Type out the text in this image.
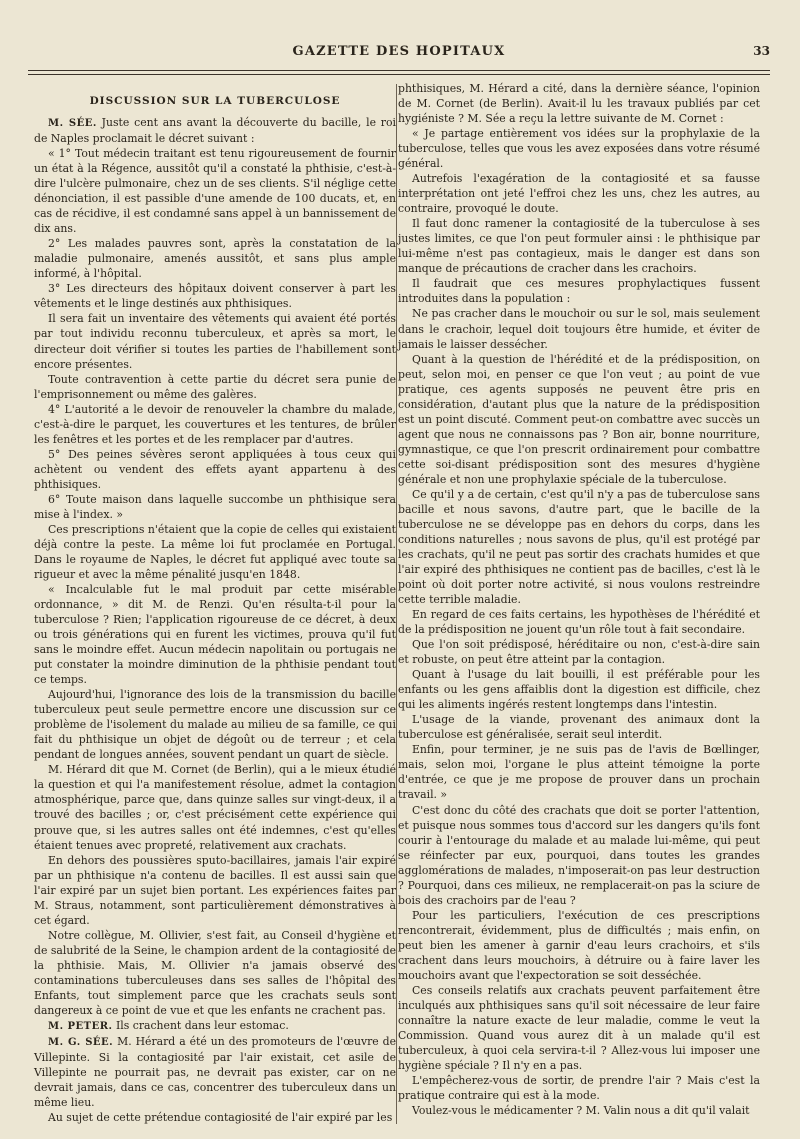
GAZETTE DES HOPITAUX	33
DISCUSSION SUR LA TUBERCULOSE

M. SÉE. Juste cent ans avant la découverte du bacille, le roi de Naples proclamait le décret suivant :

« 1° Tout médecin traitant est tenu rigoureusement de fournir un état à la Régence, aussitôt qu'il a constaté la phthisie, c'est-à-dire l'ulcère pulmonaire, chez un de ses clients. S'il néglige cette dénonciation, il est passible d'une amende de 100 ducats, et, en cas de récidive, il est condamné sans appel à un bannissement de dix ans.

2° Les malades pauvres sont, après la constatation de la maladie pulmonaire, amenés aussitôt, et sans plus ample informé, à l'hôpital.

3° Les directeurs des hôpitaux doivent conserver à part les vêtements et le linge destinés aux phthisiques.

Il sera fait un inventaire des vêtements qui avaient été portés par tout individu reconnu tuberculeux, et après sa mort, le directeur doit vérifier si toutes les parties de l'habillement sont encore présentes.

Toute contravention à cette partie du décret sera punie de l'emprisonnement ou même des galères.

4° L'autorité a le devoir de renouveler la chambre du malade, c'est-à-dire le parquet, les couvertures et les tentures, de brûler les fenêtres et les portes et de les remplacer par d'autres.

5° Des peines sévères seront appliquées à tous ceux qui achètent ou vendent des effets ayant appartenu à des phthisiques.

6° Toute maison dans laquelle succombe un phthisique sera mise à l'index. »

Ces prescriptions n'étaient que la copie de celles qui existaient déjà contre la peste. La même loi fut proclamée en Portugal. Dans le royaume de Naples, le décret fut appliqué avec toute sa rigueur et avec la même pénalité jusqu'en 1848.

« Incalculable fut le mal produit par cette misérable ordonnance, » dit M. de Renzi. Qu'en résulta-t-il pour la tuberculose ? Rien; l'application rigoureuse de ce décret, à deux ou trois générations qui en furent les victimes, prouva qu'il fut sans le moindre effet. Aucun médecin napolitain ou portugais ne put constater la moindre diminution de la phthisie pendant tout ce temps.

Aujourd'hui, l'ignorance des lois de la transmission du bacille tuberculeux peut seule permettre encore une discussion sur ce problème de l'isolement du malade au milieu de sa famille, ce qui fait du phthisique un objet de dégoût ou de terreur ; et cela pendant de longues années, souvent pendant un quart de siècle.

M. Hérard dit que M. Cornet (de Berlin), qui a le mieux étudié la question et qui l'a manifestement résolue, admet la contagion atmosphérique, parce que, dans quinze salles sur vingt-deux, il a trouvé des bacilles ; or, c'est précisément cette expérience qui prouve que, si les autres salles ont été indemnes, c'est qu'elles étaient tenues avec propreté, relativement aux crachats.

En dehors des poussières sputo-bacillaires, jamais l'air expiré par un phthisique n'a contenu de bacilles. Il est aussi sain que l'air expiré par un sujet bien portant. Les expériences faites par M. Straus, notamment, sont particulièrement démonstratives à cet égard.

Notre collègue, M. Ollivier, s'est fait, au Conseil d'hygiène et de salubrité de la Seine, le champion ardent de la contagiosité de la phthisie. Mais, M. Ollivier n'a jamais observé des contaminations tuberculeuses dans ses salles de l'hôpital des Enfants, tout simplement parce que les crachats seuls sont dangereux à ce point de vue et que les enfants ne crachent pas.

M. PETER. Ils crachent dans leur estomac.

M. G. SÉE. M. Hérard a été un des promoteurs de l'œuvre de Villepinte. Si la contagiosité par l'air existait, cet asile de Villepinte ne pourrait pas, ne devrait pas exister, car on ne devrait jamais, dans ce cas, concentrer des tuberculeux dans un même lieu.

Au sujet de cette prétendue contagiosité de l'air expiré par les

phthisiques, M. Hérard a cité, dans la dernière séance, l'opinion de M. Cornet (de Berlin). Avait-il lu les travaux publiés par cet hygiéniste ? M. Sée a reçu la lettre suivante de M. Cornet :

« Je partage entièrement vos idées sur la prophylaxie de la tuberculose, telles que vous les avez exposées dans votre résumé général.

Autrefois l'exagération de la contagiosité et sa fausse interprétation ont jeté l'effroi chez les uns, chez les autres, au contraire, provoqué le doute.

Il faut donc ramener la contagiosité de la tuberculose à ses justes limites, ce que l'on peut formuler ainsi : le phthisique par lui-même n'est pas contagieux, mais le danger est dans son manque de précautions de cracher dans les crachoirs.

Il faudrait que ces mesures prophylactiques fussent introduites dans la population :

Ne pas cracher dans le mouchoir ou sur le sol, mais seulement dans le crachoir, lequel doit toujours être humide, et éviter de jamais le laisser dessécher.

Quant à la question de l'hérédité et de la prédisposition, on peut, selon moi, en penser ce que l'on veut ; au point de vue pratique, ces agents supposés ne peuvent être pris en considération, d'autant plus que la nature de la prédisposition est un point discuté. Comment peut-on combattre avec succès un agent que nous ne connaissons pas ? Bon air, bonne nourriture, gymnastique, ce que l'on prescrit ordinairement pour combattre cette soi-disant prédisposition sont des mesures d'hygiène générale et non une prophylaxie spéciale de la tuberculose.

Ce qu'il y a de certain, c'est qu'il n'y a pas de tuberculose sans bacille et nous savons, d'autre part, que le bacille de la tuberculose ne se développe pas en dehors du corps, dans les conditions naturelles ; nous savons de plus, qu'il est protégé par les crachats, qu'il ne peut pas sortir des crachats humides et que l'air expiré des phthisiques ne contient pas de bacilles, c'est là le point où doit porter notre activité, si nous voulons restreindre cette terrible maladie.

En regard de ces faits certains, les hypothèses de l'hérédité et de la prédisposition ne jouent qu'un rôle tout à fait secondaire.

Que l'on soit prédisposé, héréditaire ou non, c'est-à-dire sain et robuste, on peut être atteint par la contagion.

Quant à l'usage du lait bouilli, il est préférable pour les enfants ou les gens affaiblis dont la digestion est difficile, chez qui les aliments ingérés restent longtemps dans l'intestin.

L'usage de la viande, provenant des animaux dont la tuberculose est généralisée, serait seul interdit.

Enfin, pour terminer, je ne suis pas de l'avis de Bœllinger, mais, selon moi, l'organe le plus atteint témoigne la porte d'entrée, ce que je me propose de prouver dans un prochain travail. »

C'est donc du côté des crachats que doit se porter l'attention, et puisque nous sommes tous d'accord sur les dangers qu'ils font courir à l'entourage du malade et au malade lui-même, qui peut se réinfecter par eux, pourquoi, dans toutes les grandes agglomérations de malades, n'imposerait-on pas leur destruction ? Pourquoi, dans ces milieux, ne remplacerait-on pas la sciure de bois des crachoirs par de l'eau ?

Pour les particuliers, l'exécution de ces prescriptions rencontrerait, évidemment, plus de difficultés ; mais enfin, on peut bien les amener à garnir d'eau leurs crachoirs, et s'ils crachent dans leurs mouchoirs, à détruire ou à faire laver les mouchoirs avant que l'expectoration se soit desséchée.

Ces conseils relatifs aux crachats peuvent parfaitement être inculqués aux phthisiques sans qu'il soit nécessaire de leur faire connaître la nature exacte de leur maladie, comme le veut la Commission. Quand vous aurez dit à un malade qu'il est tuberculeux, à quoi cela servira-t-il ? Allez-vous lui imposer une hygiène spéciale ? Il n'y en a pas.

L'empêcherez-vous de sortir, de prendre l'air ? Mais c'est la pratique contraire qui est à la mode.

Voulez-vous le médicamenter ? M. Valin nous a dit qu'il valait
